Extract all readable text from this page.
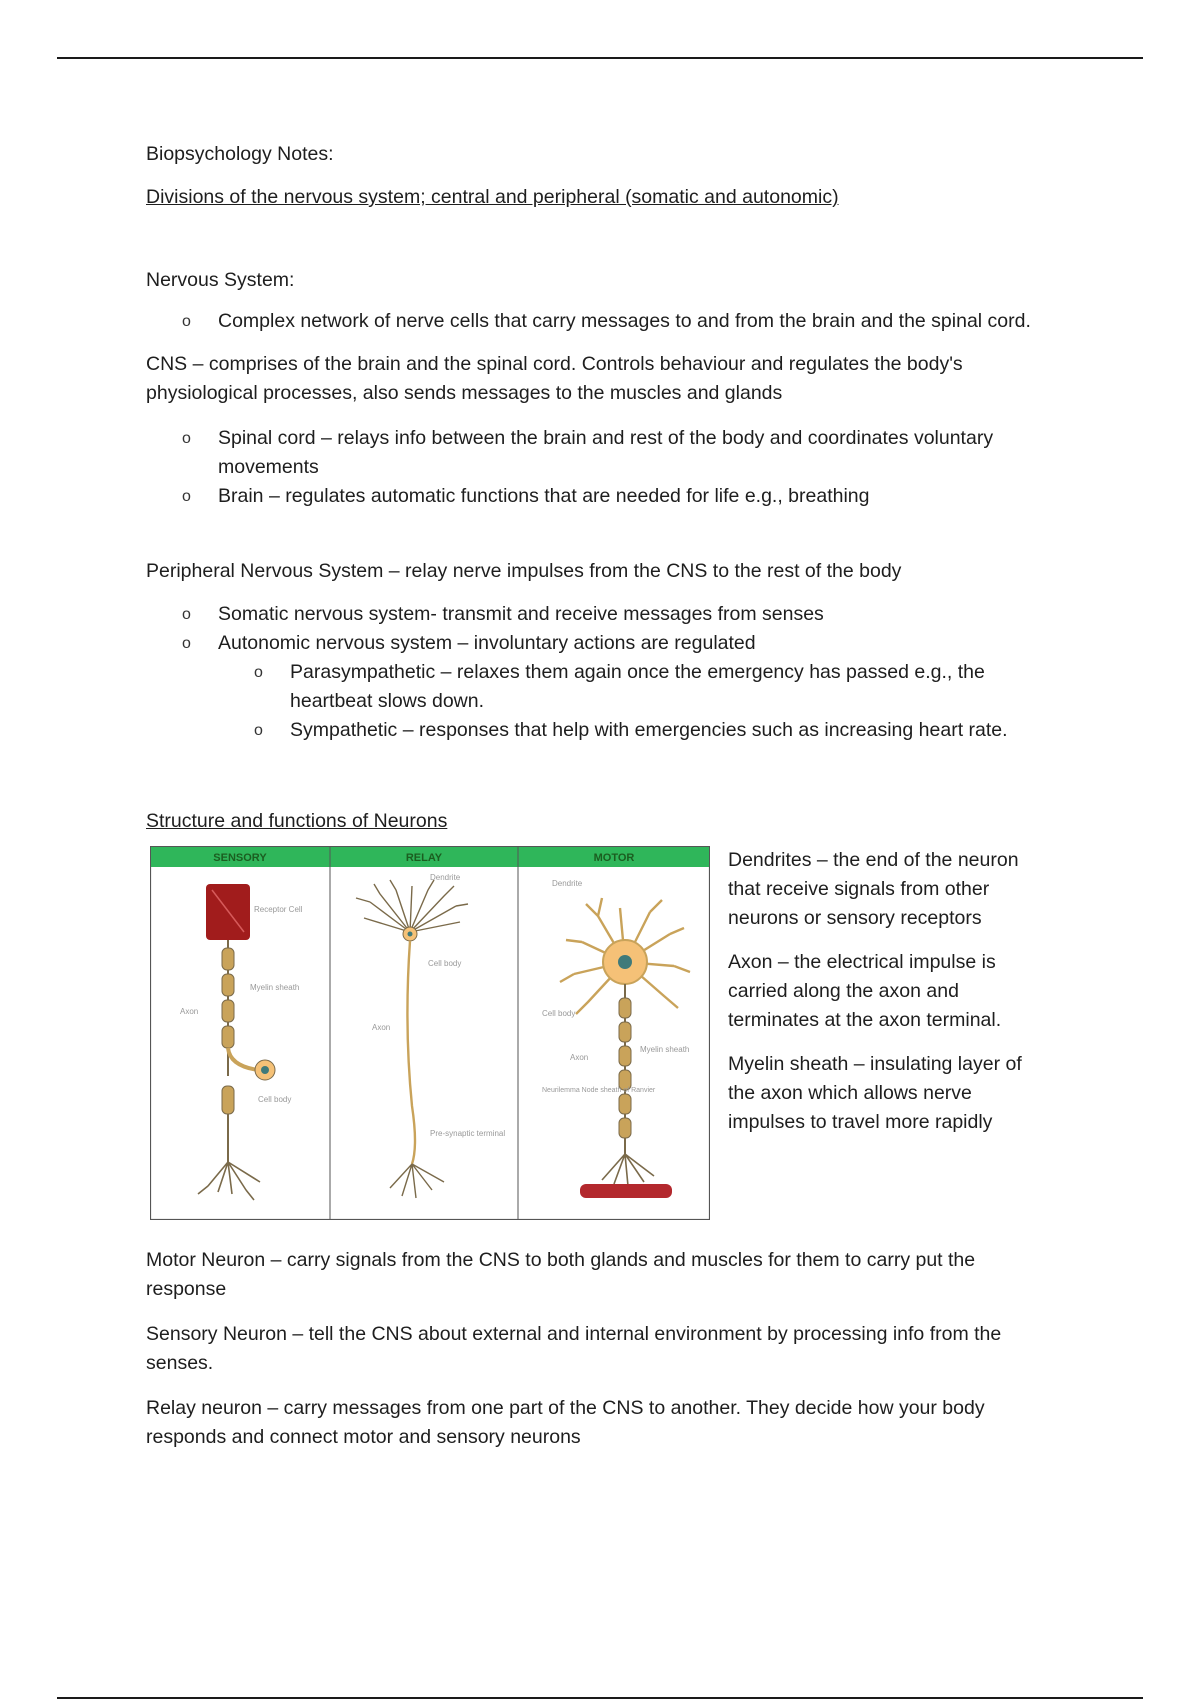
Biopsychology Notes:

Divisions of the nervous system; central and peripheral (somatic and autonomic)

Nervous System:

o Complex network of nerve cells that carry messages to and from the brain and the spinal cord.

CNS – comprises of the brain and the spinal cord. Controls behaviour and regulates the body's physiological processes, also sends messages to the muscles and glands

o Spinal cord – relays info between the brain and rest of the body and coordinates voluntary movements
o Brain – regulates automatic functions that are needed for life e.g., breathing

Peripheral Nervous System – relay nerve impulses from the CNS to the rest of the body

o Somatic nervous system- transmit and receive messages from senses
o Autonomic nervous system – involuntary actions are regulated
o Parasympathetic – relaxes them again once the emergency has passed e.g., the heartbeat slows down.
o Sympathetic – responses that help with emergencies such as increasing heart rate.

Structure and functions of Neurons

SENSORY	RELAY	MOTOR
Receptor Cell
Myelin sheath
Axon
Cell body
Dendrite
Cell body
Axon
Pre-synaptic terminal
Dendrite
Cell body
Axon
Myelin sheath
Neurilemma Node sheath of Ranvier

Dendrites – the end of the neuron that receive signals from other neurons or sensory receptors

Axon – the electrical impulse is carried along the axon and terminates at the axon terminal.

Myelin sheath – insulating layer of the axon which allows nerve impulses to travel more rapidly

Motor Neuron – carry signals from the CNS to both glands and muscles for them to carry put the response

Sensory Neuron – tell the CNS about external and internal environment by processing info from the senses.

Relay neuron – carry messages from one part of the CNS to another. They decide how your body responds and connect motor and sensory neurons
